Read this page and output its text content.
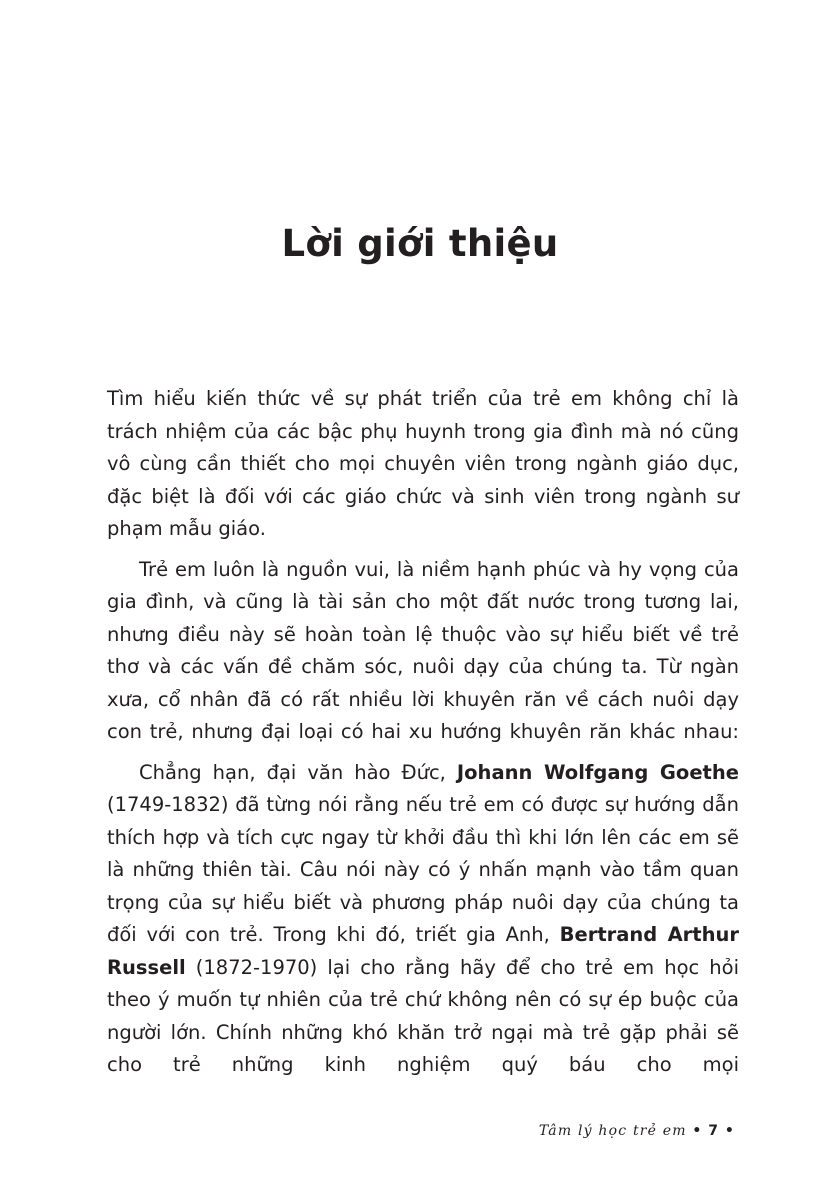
Lời giới thiệu

Tìm hiểu kiến thức về sự phát triển của trẻ em không chỉ là trách nhiệm của các bậc phụ huynh trong gia đình mà nó cũng vô cùng cần thiết cho mọi chuyên viên trong ngành giáo dục, đặc biệt là đối với các giáo chức và sinh viên trong ngành sư phạm mẫu giáo.

Trẻ em luôn là nguồn vui, là niềm hạnh phúc và hy vọng của gia đình, và cũng là tài sản cho một đất nước trong tương lai, nhưng điều này sẽ hoàn toàn lệ thuộc vào sự hiểu biết về trẻ thơ và các vấn đề chăm sóc, nuôi dạy của chúng ta. Từ ngàn xưa, cổ nhân đã có rất nhiều lời khuyên răn về cách nuôi dạy con trẻ, nhưng đại loại có hai xu hướng khuyên răn khác nhau:

Chẳng hạn, đại văn hào Đức, Johann Wolfgang Goethe (1749-1832) đã từng nói rằng nếu trẻ em có được sự hướng dẫn thích hợp và tích cực ngay từ khởi đầu thì khi lớn lên các em sẽ là những thiên tài. Câu nói này có ý nhấn mạnh vào tầm quan trọng của sự hiểu biết và phương pháp nuôi dạy của chúng ta đối với con trẻ. Trong khi đó, triết gia Anh, Bertrand Arthur Russell (1872-1970) lại cho rằng hãy để cho trẻ em học hỏi theo ý muốn tự nhiên của trẻ chứ không nên có sự ép buộc của người lớn. Chính những khó khăn trở ngại mà trẻ gặp phải sẽ cho trẻ những kinh nghiệm quý báu cho mọi

Tâm lý học trẻ em • 7 •
